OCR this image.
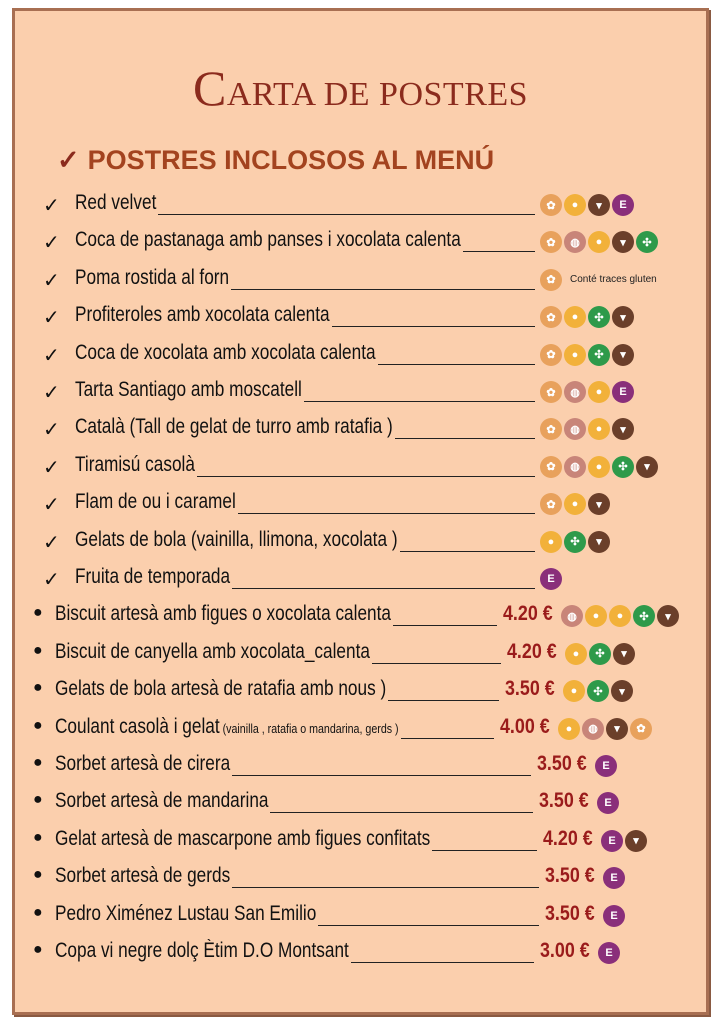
CARTA DE POSTRES
✓ POSTRES INCLOSOS AL MENÚ
✓ Red velvet	✿	●	▾	E
✓ Coca de pastanaga amb panses i xocolata calenta	✿	◍	●	▾	✣
✓ Poma rostida al forn	✿	Conté traces gluten
✓ Profiteroles amb xocolata calenta	✿	●	✣	▾
✓ Coca de xocolata amb xocolata calenta	✿	●	✣	▾
✓ Tarta Santiago amb moscatell	✿	◍	●	E
✓ Català (Tall de gelat de turro amb ratafia )	✿	◍	●	▾
✓ Tiramisú casolà	✿	◍	●	✣	▾
✓ Flam de ou i caramel	✿	●	▾
✓ Gelats de bola (vainilla, llimona, xocolata )	●	✣	▾
✓ Fruita de temporada	E
● Biscuit artesà amb figues o xocolata calenta	4.20 €	◍	●	●	✣	▾
● Biscuit de canyella amb xocolata_calenta	4.20 €	●	✣	▾
● Gelats de bola artesà de ratafia amb nous )	3.50 €	●	✣	▾
● Coulant casolà i gelat (vainilla , ratafia o mandarina, gerds )	4.00 €	●	◍	▾	✿
● Sorbet artesà de cirera	3.50 €	E
● Sorbet artesà de mandarina	3.50 €	E
● Gelat artesà de mascarpone amb figues confitats	4.20 €	E	▾
● Sorbet artesà de gerds	3.50 €	E
● Pedro Ximénez Lustau San Emilio	3.50 €	E
● Copa vi negre dolç Ètim D.O Montsant	3.00 €	E
